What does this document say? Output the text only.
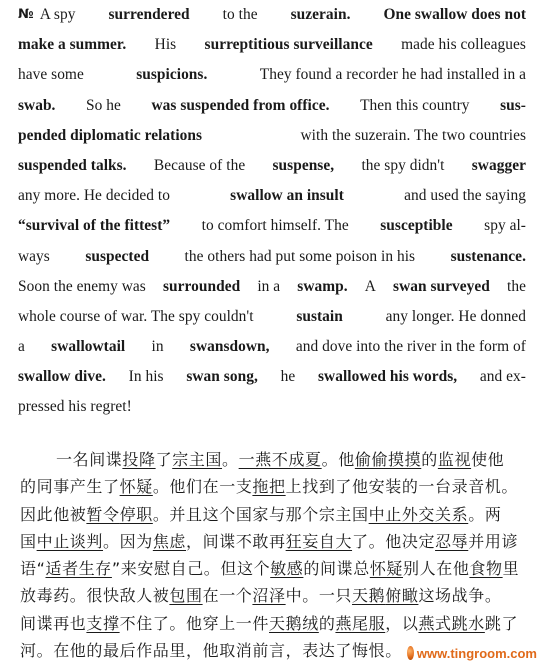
№ A spy surrendered to the suzerain. One swallow does not
make a summer. His surreptitious surveillance made his colleagues
have some	suspicions.	They found a recorder he had installed in a
swab. So he was suspended from office. Then this country sus-
pended diplomatic relations	with the suzerain. The two countries
suspended talks. Because of the suspense, the spy didn't swagger
any more. He decided to	swallow an insult	and used the saying
“survival of the fittest” to comfort himself. The susceptible spy al-
ways suspected the others had put some poison in his sustenance.
Soon the enemy was surrounded in a swamp. A swan surveyed the
whole course of war. The spy couldn't	sustain	any longer. He donned
a swallowtail in swansdown, and dove into the river in the form of
swallow dive. In his swan song, he swallowed his words, and ex-
pressed his regret!
一名间谍投降了宗主国。一燕不成夏。他偷偷摸摸的监视使他
的同事产生了怀疑。他们在一支拖把上找到了他安装的一台录音机。
因此他被暂令停职。并且这个国家与那个宗主国中止外交关系。两
国中止谈判。因为焦虑，间谍不敢再狂妄自大了。他决定忍辱并用谚
语“适者生存”来安慰自己。但这个敏感的间谍总怀疑别人在他食物里
放毒药。很快敌人被包围在一个沼泽中。一只天鹅俯瞰这场战争。
间谍再也支撑不住了。他穿上一件天鹅绒的燕尾服，以燕式跳水跳了
河。在他的最后作品里，他取消前言，表达了悔恨。	www.tingroom.com
